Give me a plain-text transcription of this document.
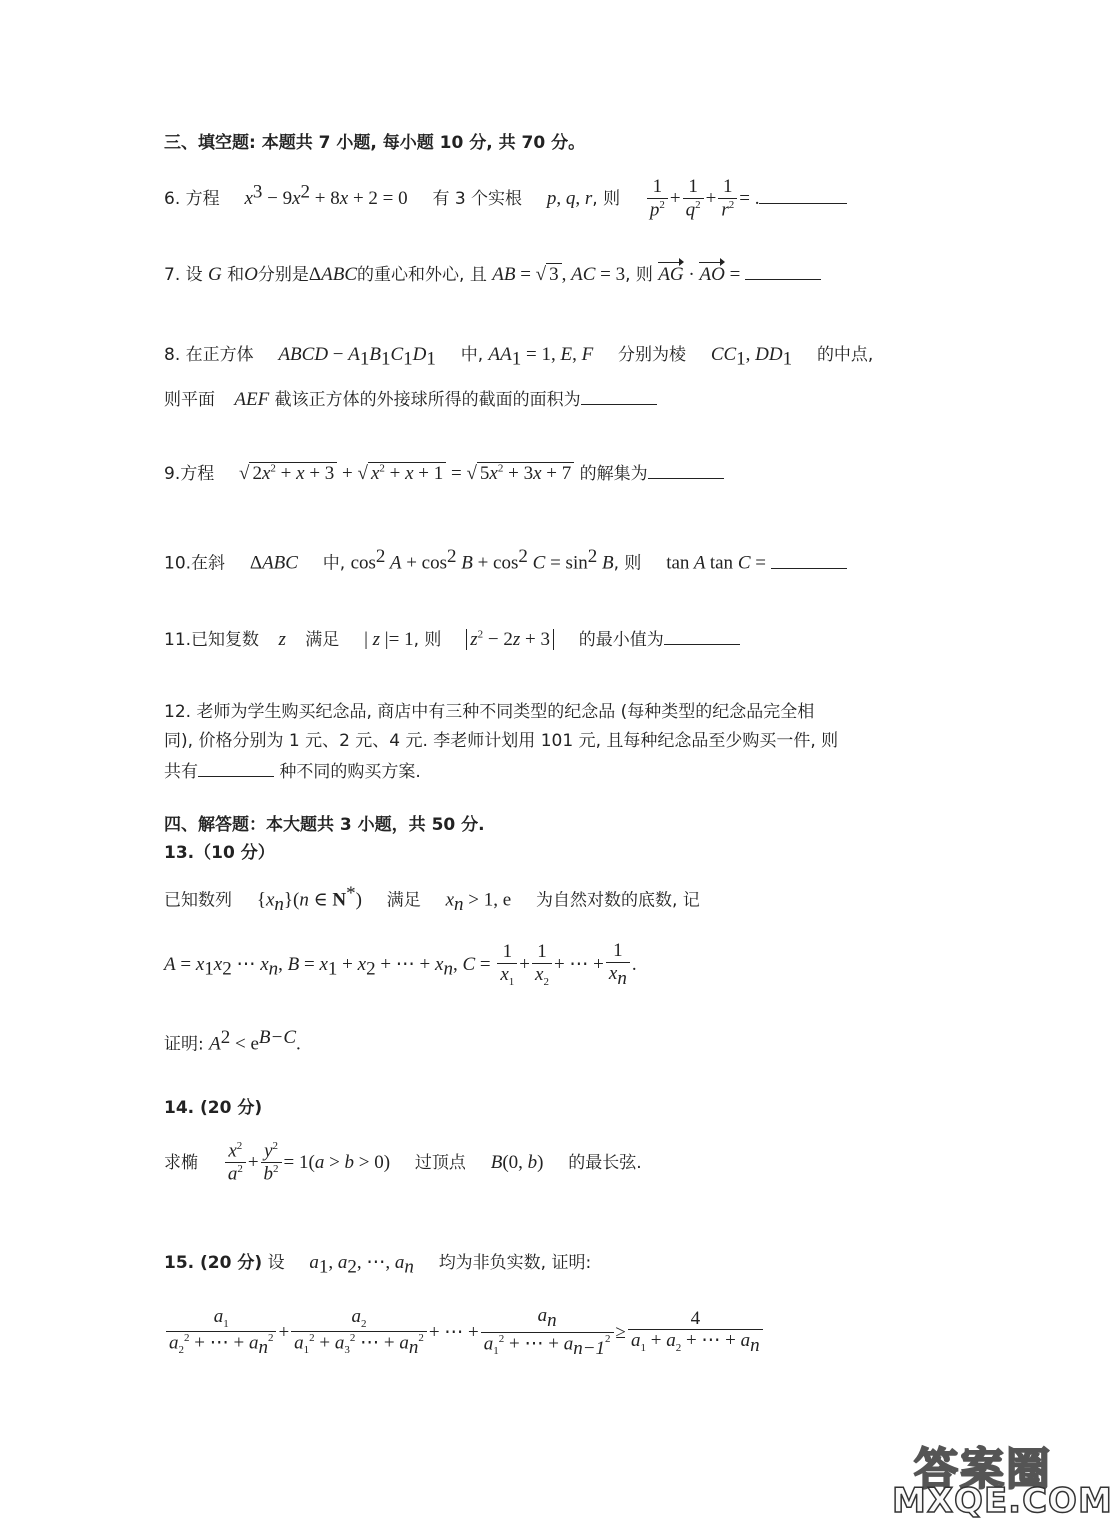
三、填空题: 本题共 7 小题, 每小题 10 分, 共 70 分。
6. 方程 $x^3 - 9x^2 + 8x + 2 = 0$ 有 3 个实根 p, q, r, 则 $\frac{1}{p^2} + \frac{1}{q^2} + \frac{1}{r^2}$ = .
7. 设 G 和O分别是ΔABC的重心和外心, 且 AB = √ 3 , AC = 3, 则 AG · AO =
8. 在正方体 ABCD − $A_1B_1C_1D_1$ 中, $AA_1 = 1$, E, F 分别为棱 $CC_1$, $DD_1$ 的中点,
则平面 AEF 截该正方体的外接球所得的截面的面积为
9.方程 √ $2x^2 + x + 3$ + √ $x^2 + x + 1$ = √ $5x^2 + 3x + 7$ 的解集为
10.在斜 ΔABC 中, $\cos^2 A + \cos^2 B + \cos^2 C = \sin^2 B$, 则 tan A tan C =
11.已知复数 z 满足 | z |= 1, 则 $z^2 - 2z + 3$ 的最小值为
12. 老师为学生购买纪念品, 商店中有三种不同类型的纪念品 (每种类型的纪念品完全相
同), 价格分别为 1 元、2 元、4 元. 李老师计划用 101 元, 且每种纪念品至少购买一件, 则
共有	种不同的购买方案.
四、解答题：本大题共 3 小题，共 50 分.
13.（10 分）
已知数列 $\{x_n\}(n$ ∈ N*) 满足 $x_n > 1$, e 为自然对数的底数, 记
$A = x_1x_2$ ⋯ $x_n$, $B = x_1 + x_2$ + ⋯ + $x_n$, $C = \frac{1}{x_1} + \frac{1}{x_2}$ + ⋯ + $\frac{1}{x_n}$ .
证明: $A^2 < e^{B-C}$.
14. (20 分)
求椭 $\frac{x^2}{a^2} + \frac{y^2}{b^2} = 1(a > b > 0)$ 过顶点 B(0, b) 的最长弦.
15. (20 分) 设 $a_1$, $a_2$, ⋯, $a_n$ 均为非负实数, 证明:
$\frac{a_1}{a_2^2 + \cdots + a_n^2} + \frac{a_2}{a_1^2 + a_3^2 \cdots + a_n^2}$ + ⋯ + $\frac{a_n}{a_1^2 + \cdots + a_{n-1}^2} \ge \frac{4}{a_1 + a_2 + \cdots + a_n}$
答案圈
MXQE.COM
